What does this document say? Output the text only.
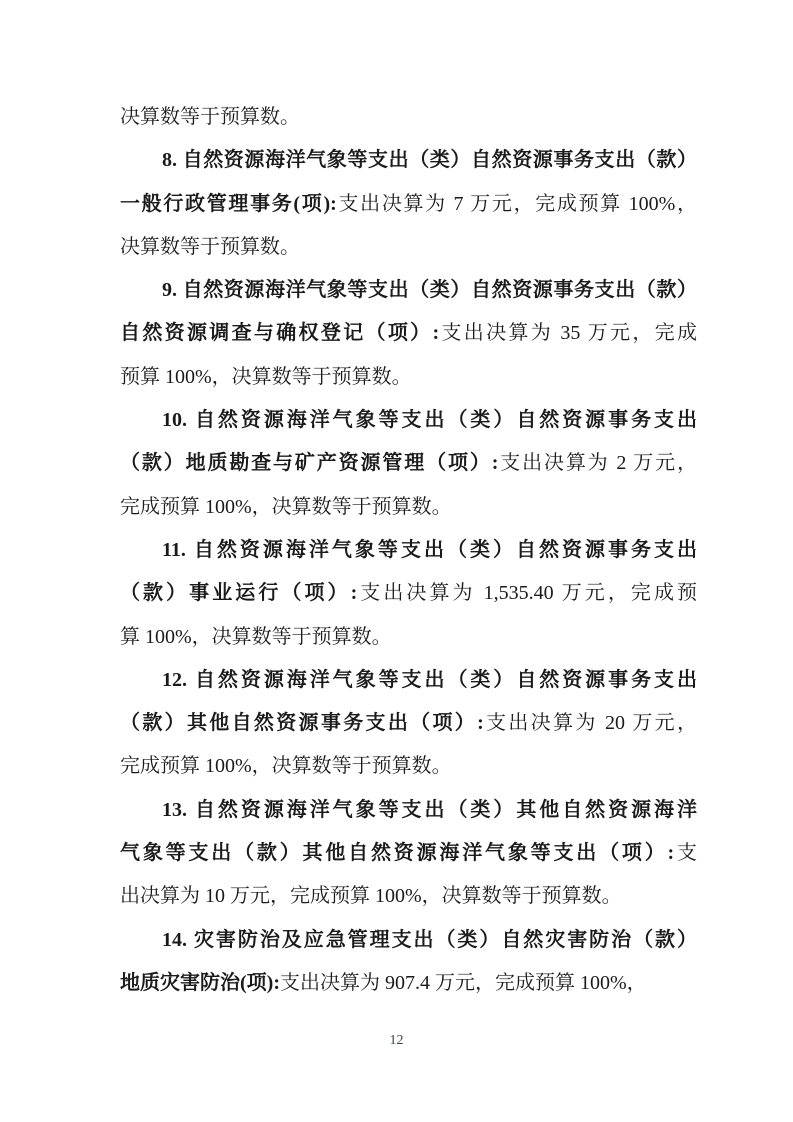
决算数等于预算数。
8. 自然资源海洋气象等支出（类）自然资源事务支出（款）
一般行政管理事务(项):支出决算为 7 万元，完成预算 100%，
决算数等于预算数。
9. 自然资源海洋气象等支出（类）自然资源事务支出（款）
自然资源调查与确权登记（项）:支出决算为 35 万元，完成
预算 100%，决算数等于预算数。
10. 自然资源海洋气象等支出（类）自然资源事务支出
（款）地质勘查与矿产资源管理（项）:支出决算为 2 万元，
完成预算 100%，决算数等于预算数。
11. 自然资源海洋气象等支出（类）自然资源事务支出
（款）事业运行（项）:支出决算为 1,535.40 万元，完成预
算 100%，决算数等于预算数。
12. 自然资源海洋气象等支出（类）自然资源事务支出
（款）其他自然资源事务支出（项）:支出决算为 20 万元，
完成预算 100%，决算数等于预算数。
13. 自然资源海洋气象等支出（类）其他自然资源海洋
气象等支出（款）其他自然资源海洋气象等支出（项）:支
出决算为 10 万元，完成预算 100%，决算数等于预算数。
14. 灾害防治及应急管理支出（类）自然灾害防治（款）
地质灾害防治(项):支出决算为 907.4 万元，完成预算 100%，
12
